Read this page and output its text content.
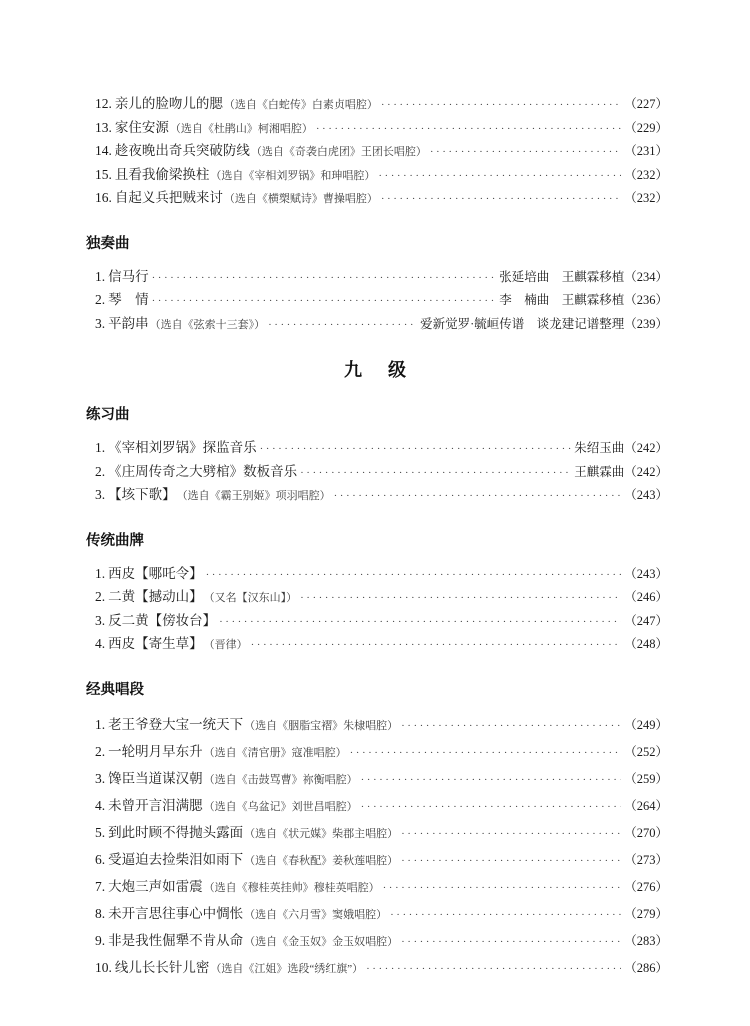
12. 亲儿的脸吻儿的腮 （选自《白蛇传》白素贞唱腔） ·····	（227）
13. 家住安源 （选自《杜鹃山》柯湘唱腔） ·····	（229）
14. 趁夜晚出奇兵突破防线 （选自《奇袭白虎团》王团长唱腔） ·····	（231）
15. 且看我偷梁换柱 （选自《宰相刘罗锅》和珅唱腔） ·····	（232）
16. 自起义兵把贼来讨 （选自《横槊赋诗》曹操唱腔） ·····	（232）
独奏曲
1. 信马行 ·····	张延培曲　王麒霖移植 （234）
2. 琴　情 ·····	李　楠曲　王麒霖移植 （236）
3. 平韵串 （选自《弦索十三套》） ·····	爱新觉罗·毓峘传谱　谈龙建记谱整理 （239）
九　级
练习曲
1. 《宰相刘罗锅》探监音乐 ·····	朱绍玉曲 （242）
2. 《庄周传奇之大劈棺》数板音乐 ·····	王麒霖曲 （242）
3. 【垓下歌】 （选自《霸王别姬》项羽唱腔） ·····	（243）
传统曲牌
1. 西皮【哪吒令】 ·····	（243）
2. 二黄【撼动山】 （又名【汉东山】） ·····	（246）
3. 反二黄【傍妆台】 ·····	（247）
4. 西皮【寄生草】 （晋律） ·····	（248）
经典唱段
1. 老王爷登大宝一统天下 （选自《胭脂宝褶》朱棣唱腔） ·····	（249）
2. 一轮明月早东升 （选自《清官册》寇准唱腔） ·····	（252）
3. 馋臣当道谋汉朝 （选自《击鼓骂曹》祢衡唱腔） ·····	（259）
4. 未曾开言泪满腮 （选自《乌盆记》刘世昌唱腔） ·····	（264）
5. 到此时顾不得抛头露面 （选自《状元媒》柴郡主唱腔） ·····	（270）
6. 受逼迫去捡柴泪如雨下 （选自《春秋配》姜秋莲唱腔） ·····	（273）
7. 大炮三声如雷震 （选自《穆桂英挂帅》穆桂英唱腔） ·····	（276）
8. 未开言思往事心中惆怅 （选自《六月雪》窦娥唱腔） ·····	（279）
9. 非是我性倔犟不肯从命 （选自《金玉奴》金玉奴唱腔） ·····	（283）
10. 线儿长长针儿密 （选自《江姐》选段“绣红旗”） ·····	（286）
